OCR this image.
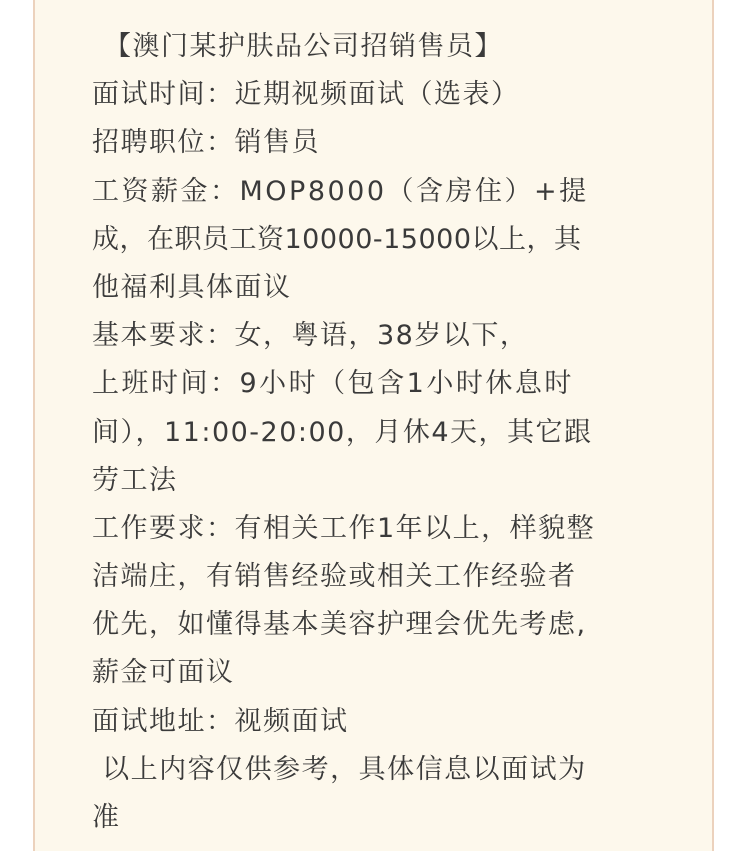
【澳门某护肤品公司招销售员】
面试时间：近期视频面试（选表）
招聘职位：销售员
工资薪金：MOP8000（含房住）+提
成，在职员工资10000-15000以上，其
他福利具体面议
基本要求：女，粤语，38岁以下，
上班时间：9小时（包含1小时休息时
间），11:00-20:00，月休4天，其它跟
劳工法
工作要求：有相关工作1年以上，样貌整
洁端庄，有销售经验或相关工作经验者
优先，如懂得基本美容护理会优先考虑,
薪金可面议
面试地址：视频面试
以上内容仅供参考，具体信息以面试为
准
